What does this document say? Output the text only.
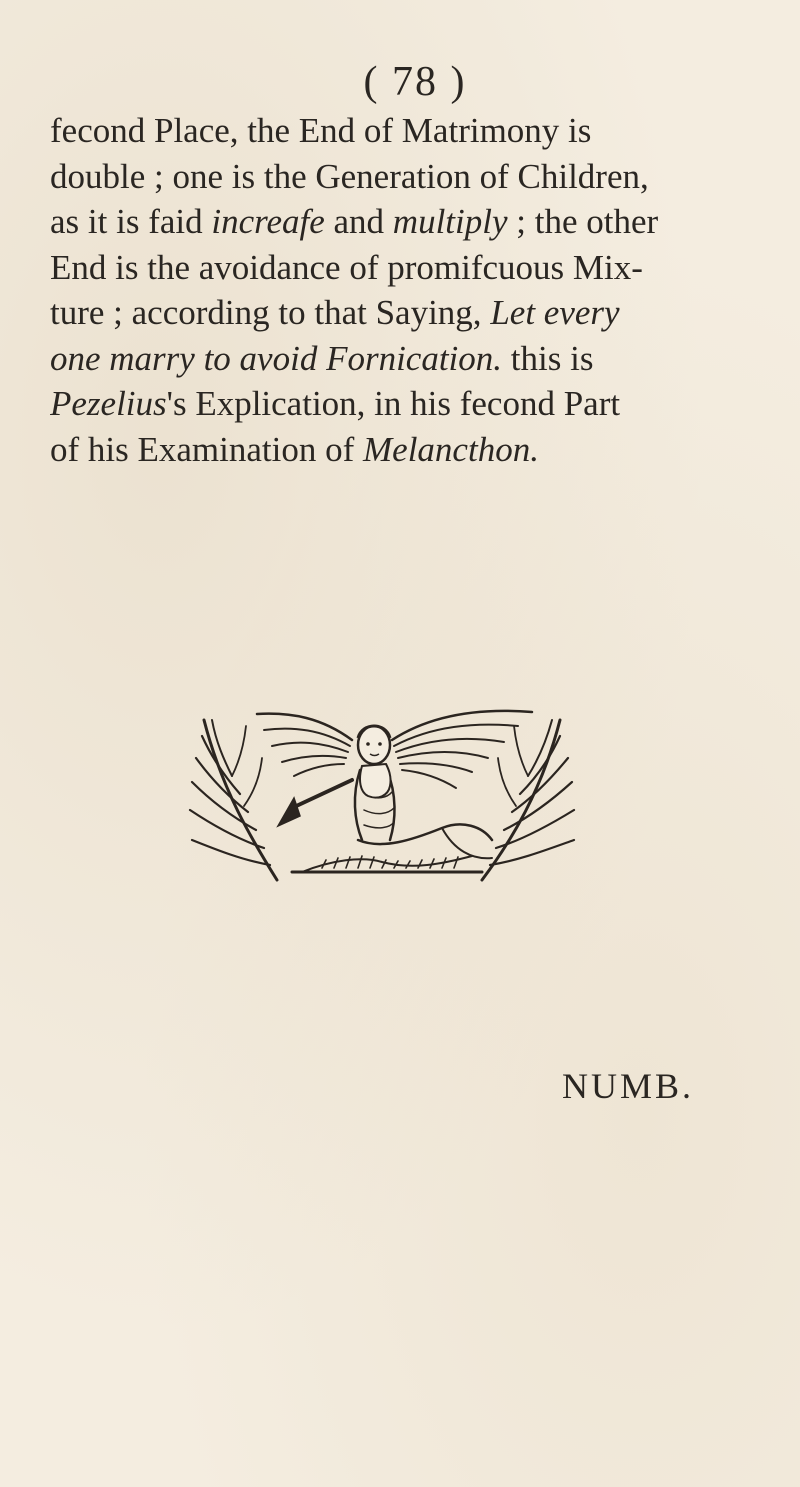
( 78 )
fecond Place, the End of Matrimony is
double ; one is the Generation of Children,
as it is faid increafe and multiply ; the other
End is the avoidance of promifcuous Mix-
ture ; according to that Saying, Let every
one marry to avoid Fornication. this is
Pezelius's Explication, in his fecond Part
of his Examination of Melancthon.
NUMB.
